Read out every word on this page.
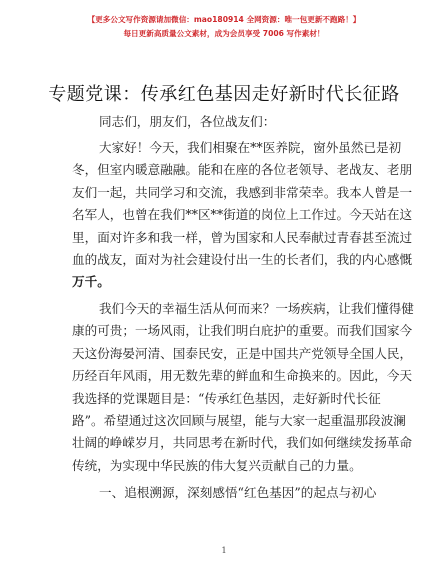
【更多公文写作资源请加微信：mao180914 全网资源：唯一包更新不跑路！】
每日更新高质量公文素材，成为会员享受 7006 写作素材！
专题党课：传承红色基因走好新时代长征路
同志们，朋友们，各位战友们：
大家好！今天，我们相聚在**医养院，窗外虽然已是初
冬，但室内暖意融融。能和在座的各位老领导、老战友、老朋
友们一起，共同学习和交流，我感到非常荣幸。我本人曾是一
名军人，也曾在我们**区**街道的岗位上工作过。今天站在这
里，面对许多和我一样，曾为国家和人民奉献过青春甚至流过
血的战友，面对为社会建设付出一生的长者们，我的内心感慨
万千。
我们今天的幸福生活从何而来？一场疾病，让我们懂得健
康的可贵；一场风雨，让我们明白庇护的重要。而我们国家今
天这份海晏河清、国泰民安，正是中国共产党领导全国人民，
历经百年风雨，用无数先辈的鲜血和生命换来的。因此，今天
我选择的党课题目是：“传承红色基因，走好新时代长征
路”。希望通过这次回顾与展望，能与大家一起重温那段波澜
壮阔的峥嵘岁月，共同思考在新时代，我们如何继续发扬革命
传统，为实现中华民族的伟大复兴贡献自己的力量。
一、追根溯源，深刻感悟“红色基因”的起点与初心
1
